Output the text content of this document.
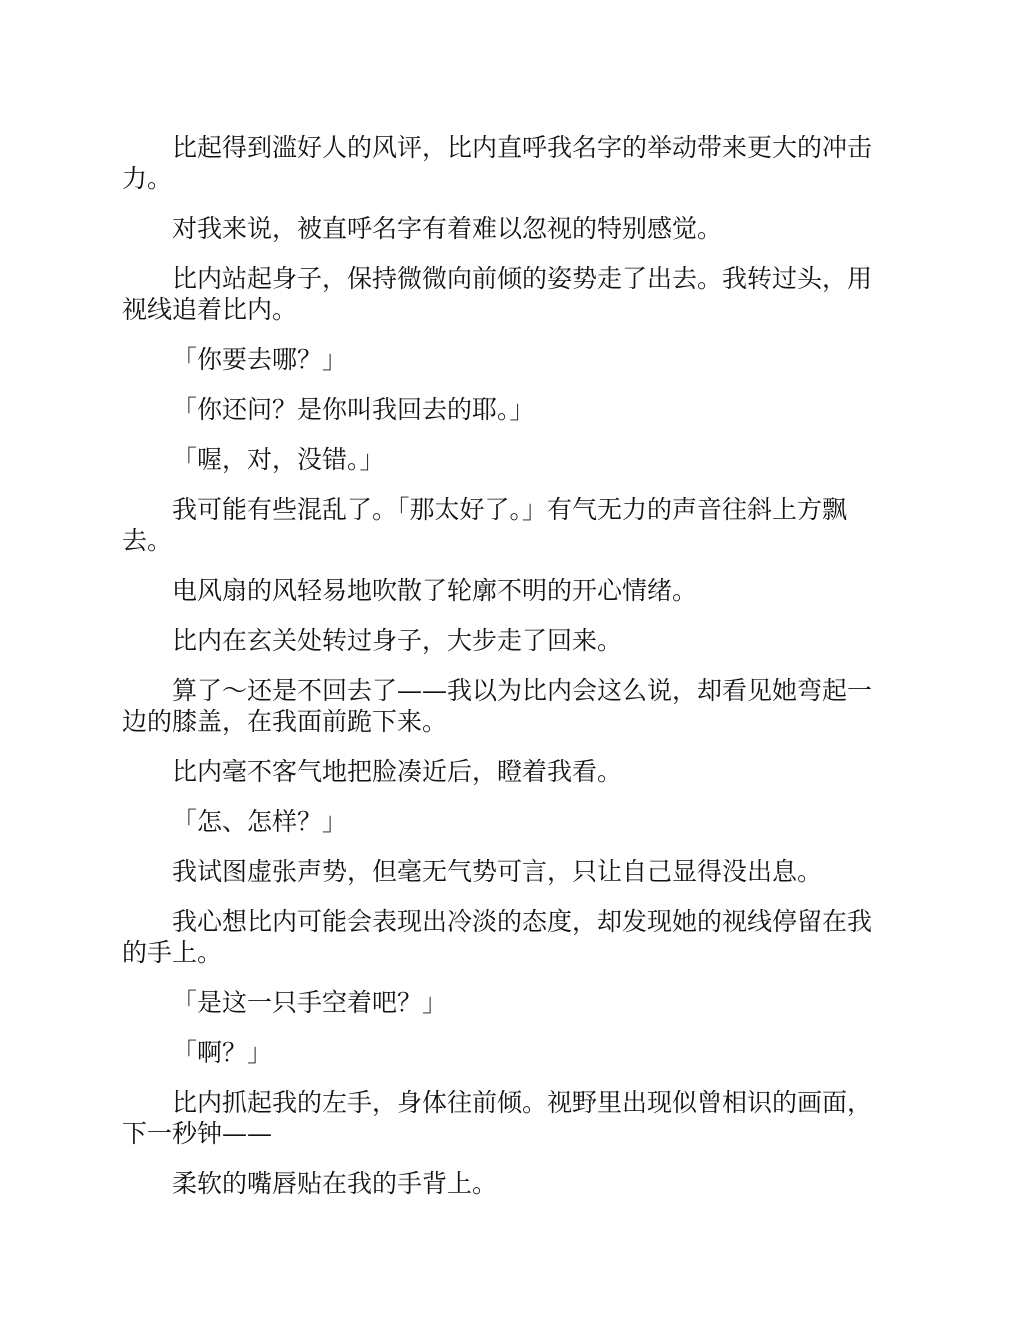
比起得到滥好人的风评，比内直呼我名字的举动带来更大的冲击力。

对我来说，被直呼名字有着难以忽视的特别感觉。

比内站起身子，保持微微向前倾的姿势走了出去。我转过头，用视线追着比内。

「你要去哪？」

「你还问？是你叫我回去的耶。」

「喔，对，没错。」

我可能有些混乱了。「那太好了。」有气无力的声音往斜上方飘去。

电风扇的风轻易地吹散了轮廓不明的开心情绪。

比内在玄关处转过身子，大步走了回来。

算了～还是不回去了——我以为比内会这么说，却看见她弯起一边的膝盖，在我面前跪下来。

比内毫不客气地把脸凑近后，瞪着我看。

「怎、怎样？」

我试图虚张声势，但毫无气势可言，只让自己显得没出息。

我心想比内可能会表现出冷淡的态度，却发现她的视线停留在我的手上。

「是这一只手空着吧？」

「啊？」

比内抓起我的左手，身体往前倾。视野里出现似曾相识的画面，下一秒钟——

柔软的嘴唇贴在我的手背上。
